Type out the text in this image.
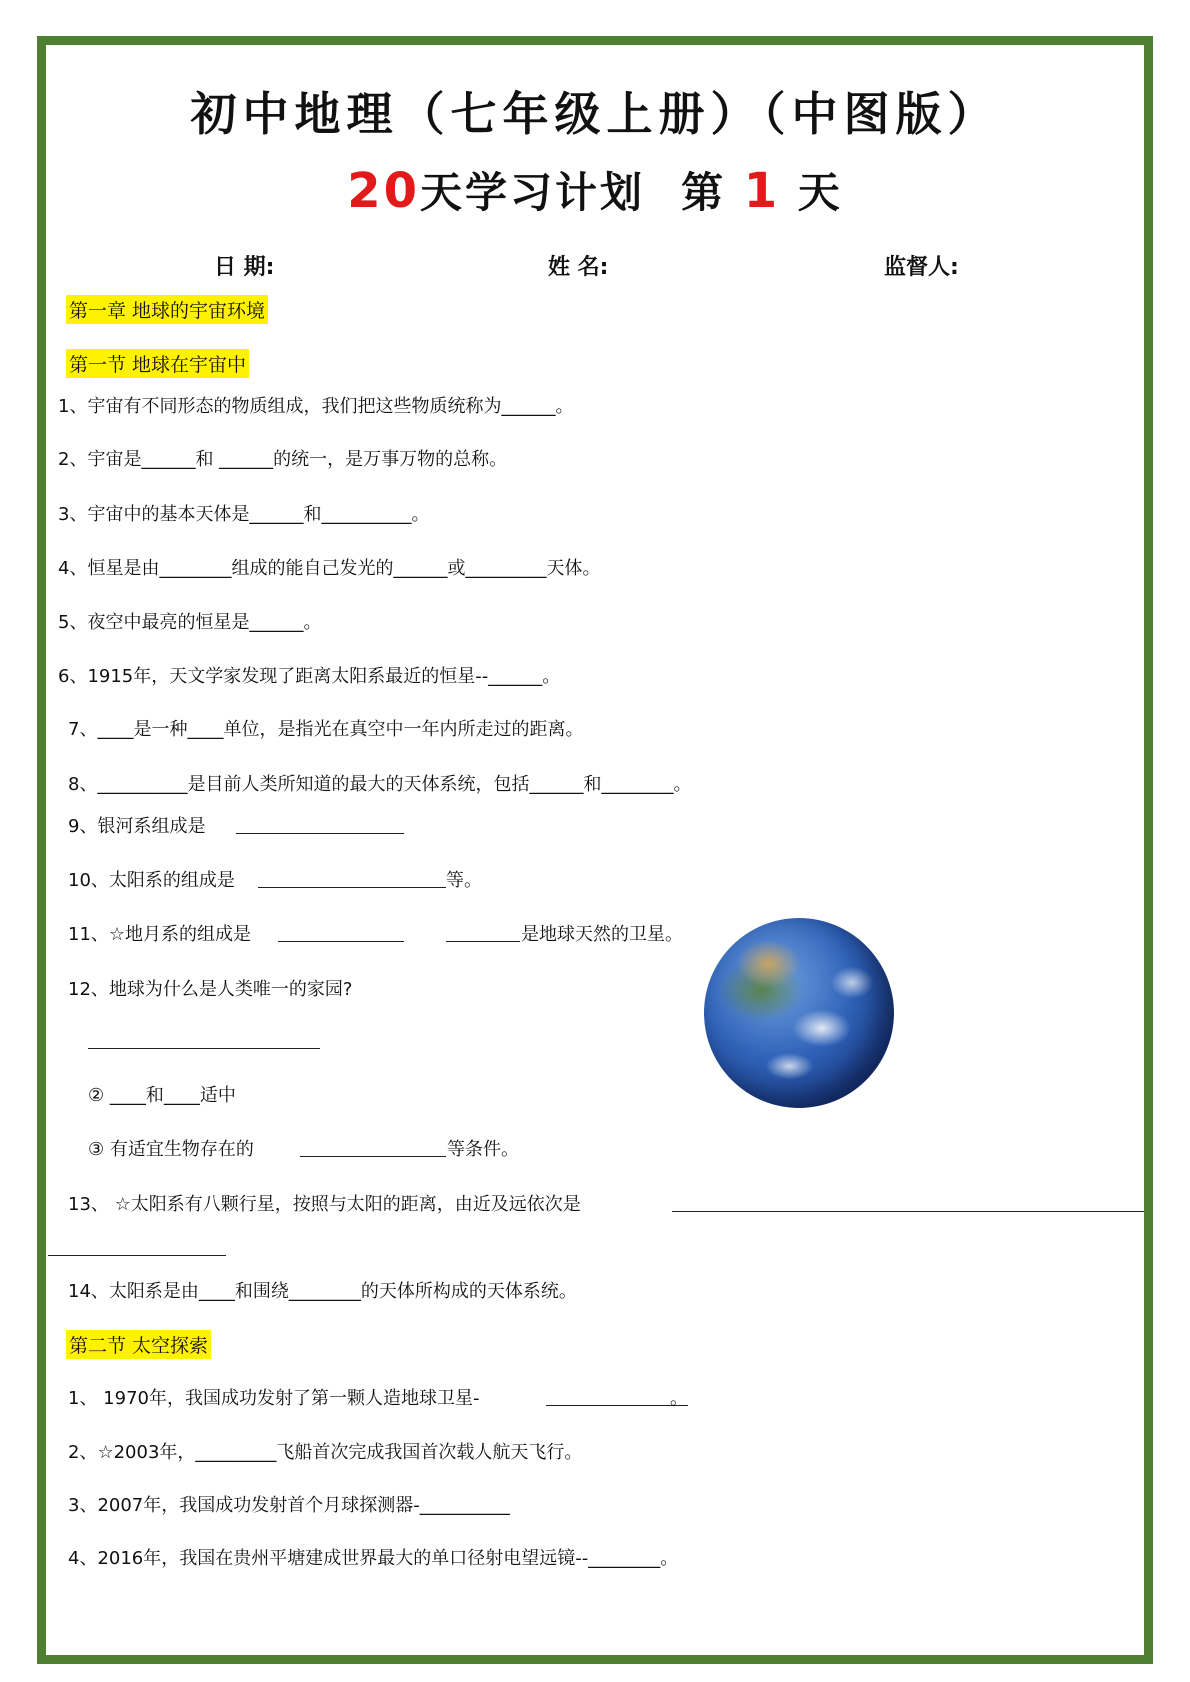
初中地理（七年级上册）（中图版）
20天学习计划 第 1 天
日 期:	姓 名:	监督人:
第一章 地球的宇宙环境
第一节 地球在宇宙中
1、宇宙有不同形态的物质组成，我们把这些物质统称为______。
2、宇宙是______和 ______的统一，是万事万物的总称。
3、宇宙中的基本天体是______和__________。
4、恒星是由________组成的能自己发光的______或_________天体。
5、夜空中最亮的恒星是______。
6、1915年，天文学家发现了距离太阳系最近的恒星--______。
7、____是一种____单位，是指光在真空中一年内所走过的距离。
8、__________是目前人类所知道的最大的天体系统，包括______和________。
9、银河系组成是
10、太阳系的组成是	等。
11、☆地月系的组成是	是地球天然的卫星。
12、地球为什么是人类唯一的家园?
② ____和____适中
③ 有适宜生物存在的	等条件。
13、 ☆太阳系有八颗行星，按照与太阳的距离，由近及远依次是
14、太阳系是由____和围绕________的天体所构成的天体系统。
第二节 太空探索
1、 1970年，我国成功发射了第一颗人造地球卫星-	。
2、☆2003年，_________飞船首次完成我国首次载人航天飞行。
3、2007年，我国成功发射首个月球探测器-__________
4、2016年，我国在贵州平塘建成世界最大的单口径射电望远镜--________。
